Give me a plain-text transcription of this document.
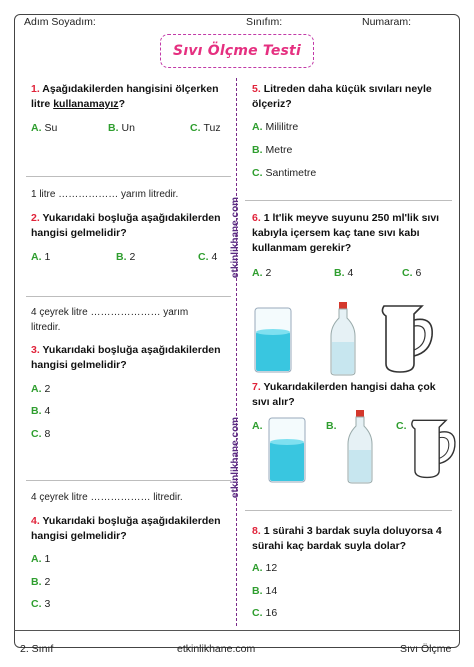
Adım Soyadım:	Sınıfım:	Numaram:
Sıvı Ölçme Testi
etkinlikhane.com
etkinlikhane.com
1. Aşağıdakilerden hangisini ölçerken
litre kullanamayız?
A. Su	B. Un	C. Tuz
1 litre ……………… yarım litredir.
2. Yukarıdaki boşluğa aşağıdakilerden
hangisi gelmelidir?
A. 1	B. 2	C. 4
4 çeyrek litre ………………… yarım
litredir.
3. Yukarıdaki boşluğa aşağıdakilerden
hangisi gelmelidir?
A. 2
B. 4
C. 8
4 çeyrek litre ……………… litredir.
4. Yukarıdaki boşluğa aşağıdakilerden
hangisi gelmelidir?
A. 1
B. 2
C. 3
5. Litreden daha küçük sıvıları neyle
ölçeriz?
A. Mililitre
B. Metre
C. Santimetre
6. 1 lt'lik meyve suyunu 250 ml'lik sıvı
kabıyla içersem kaç tane sıvı kabı
kullanmam gerekir?
A. 2	B. 4	C. 6
7. Yukarıdakilerden hangisi daha çok
sıvı alır?
A.	B.	C.
8. 1 sürahi 3 bardak suyla doluyorsa 4
sürahi kaç bardak suyla dolar?
A. 12
B. 14
C. 16
2. Sınıf	etkinlikhane.com	Sıvı Ölçme
